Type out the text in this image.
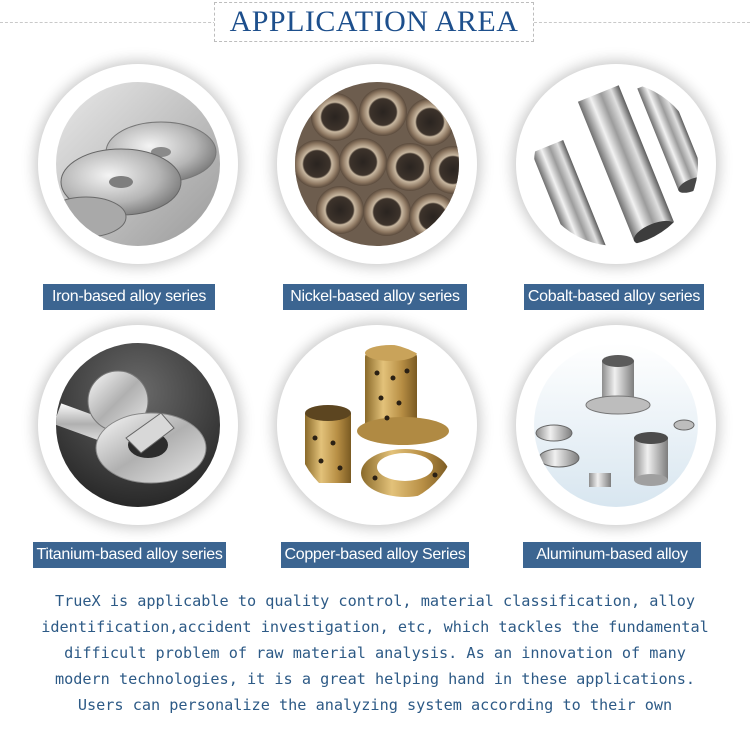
APPLICATION AREA
Iron-based alloy series	Nickel-based alloy series	Cobalt-based alloy series
Titanium-based alloy series	Copper-based alloy Series	Aluminum-based alloy

TrueX is applicable to quality control, material classification, alloy

identification,accident investigation, etc, which tackles the fundamental

difficult problem of raw material analysis. As an innovation of many

modern technologies, it is a great helping hand in these applications.

Users can personalize the analyzing system according to their own
